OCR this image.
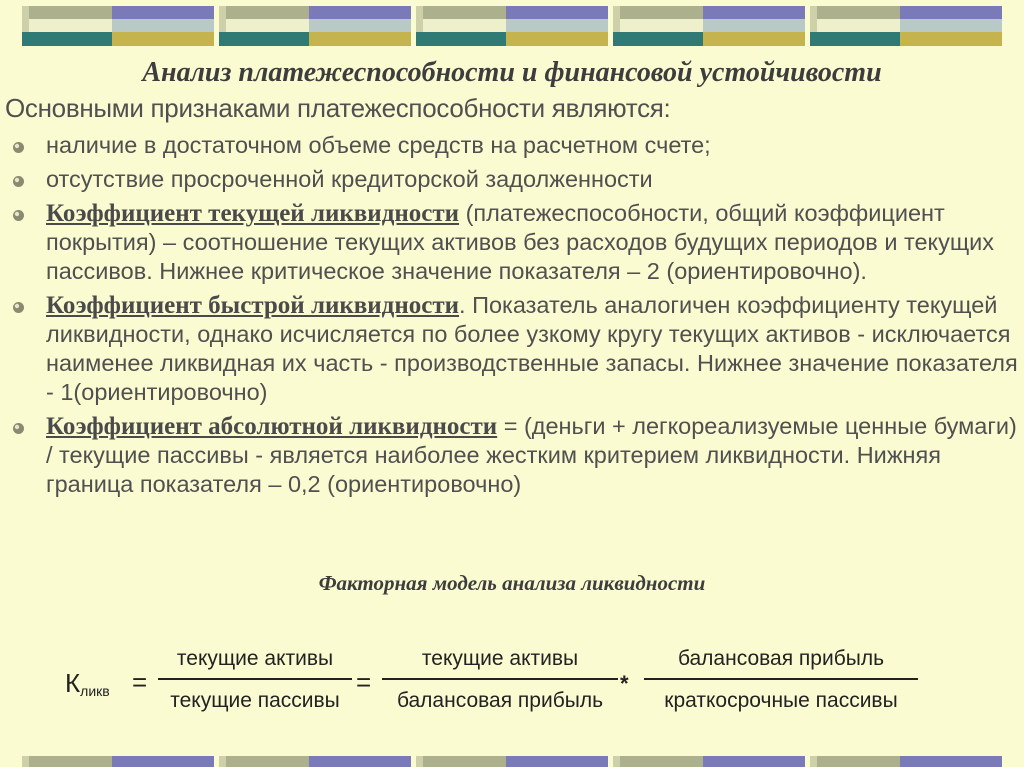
Анализ платежеспособности и финансовой устойчивости
Основными признаками платежеспособности являются:
наличие в достаточном объеме средств на расчетном счете;
отсутствие просроченной кредиторской задолженности
Коэффициент текущей ликвидности (платежеспособности, общий коэффициент покрытия) – соотношение текущих активов без расходов будущих периодов и текущих пассивов. Нижнее критическое значение показателя – 2 (ориентировочно).
Коэффициент быстрой ликвидности. Показатель аналогичен коэффициенту текущей ликвидности, однако исчисляется по более узкому кругу текущих активов - исключается наименее ликвидная их часть - производственные запасы. Нижнее значение показателя - 1(ориентировочно)
Коэффициент абсолютной ликвидности = (деньги + легкореализуемые ценные бумаги) / текущие пассивы - является наиболее жестким критерием ликвидности. Нижняя граница показателя – 0,2 (ориентировочно)
Факторная модель анализа ликвидности
$К_{ликв}$ =
текущие активы
текущие пассивы
=
текущие активы
балансовая прибыль
*
балансовая прибыль
краткосрочные пассивы
